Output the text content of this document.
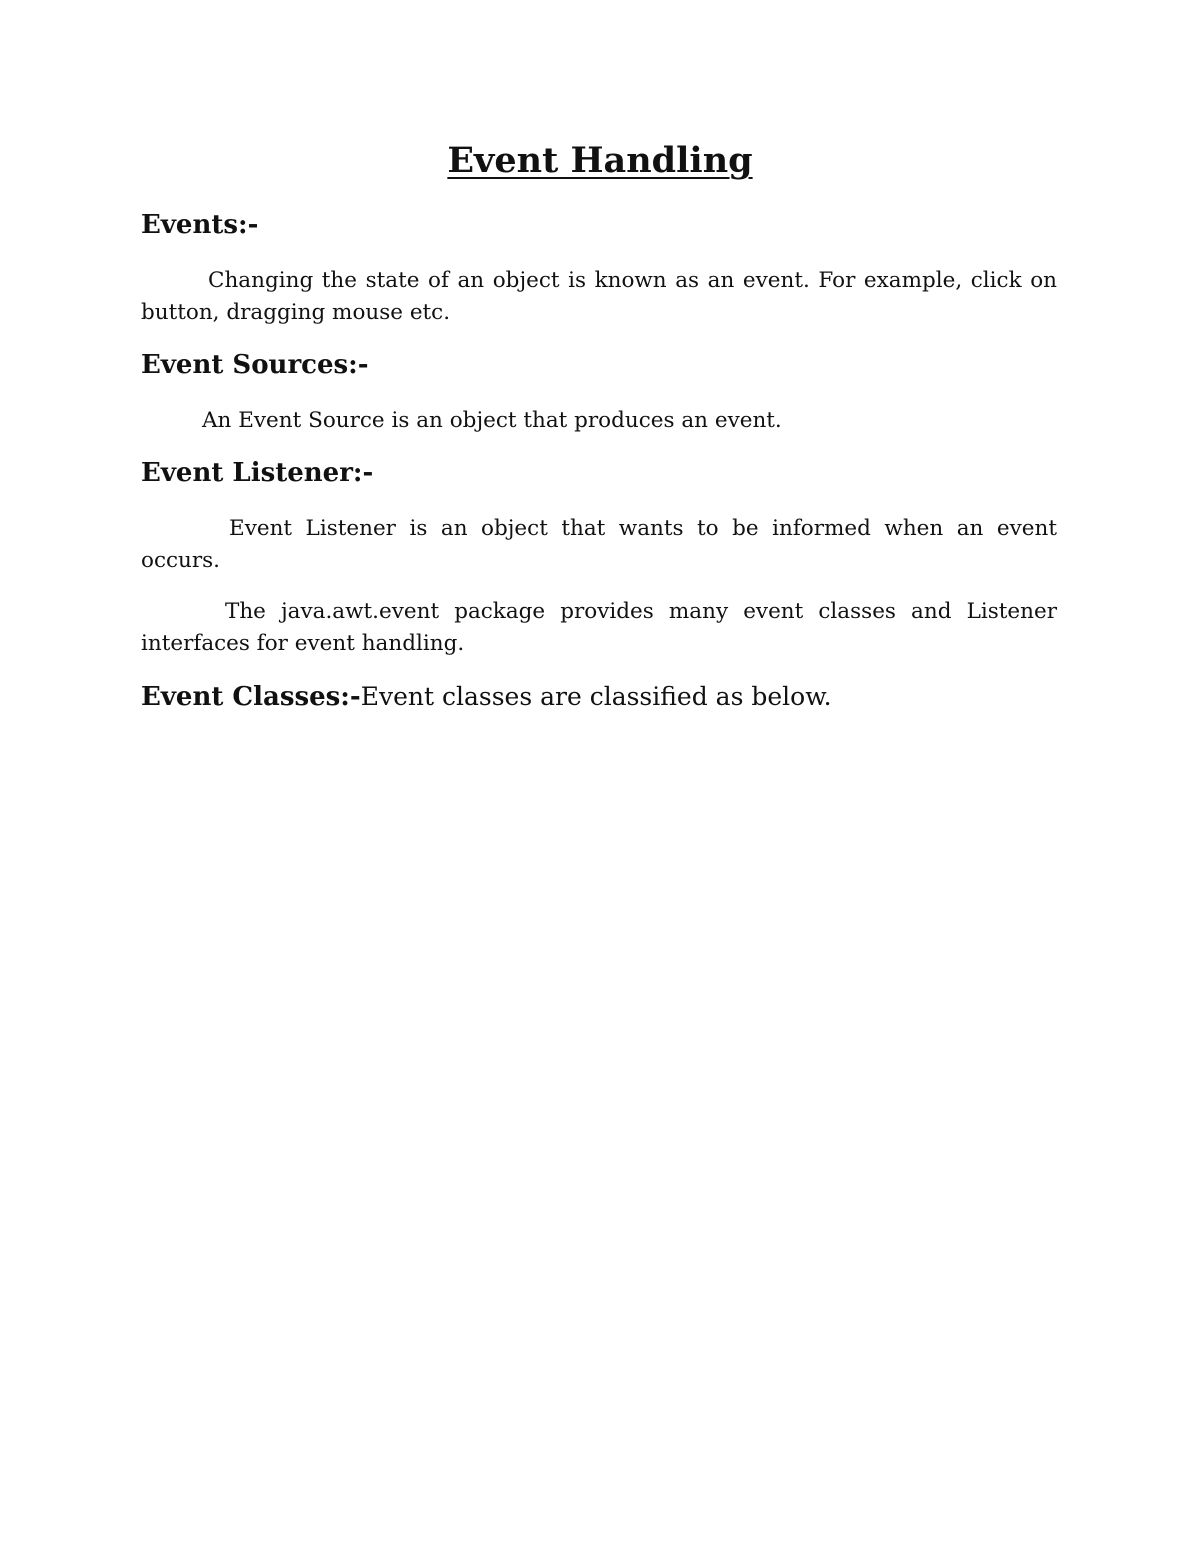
Event Handling
Events:-

Changing the state of an object is known as an event. For example, click on button, dragging mouse etc.

Event Sources:-

An Event Source is an object that produces an event.

Event Listener:-

Event Listener is an object that wants to be informed when an event occurs.

The java.awt.event package provides many event classes and Listener interfaces for event handling.

Event Classes:-Event classes are classified as below.
